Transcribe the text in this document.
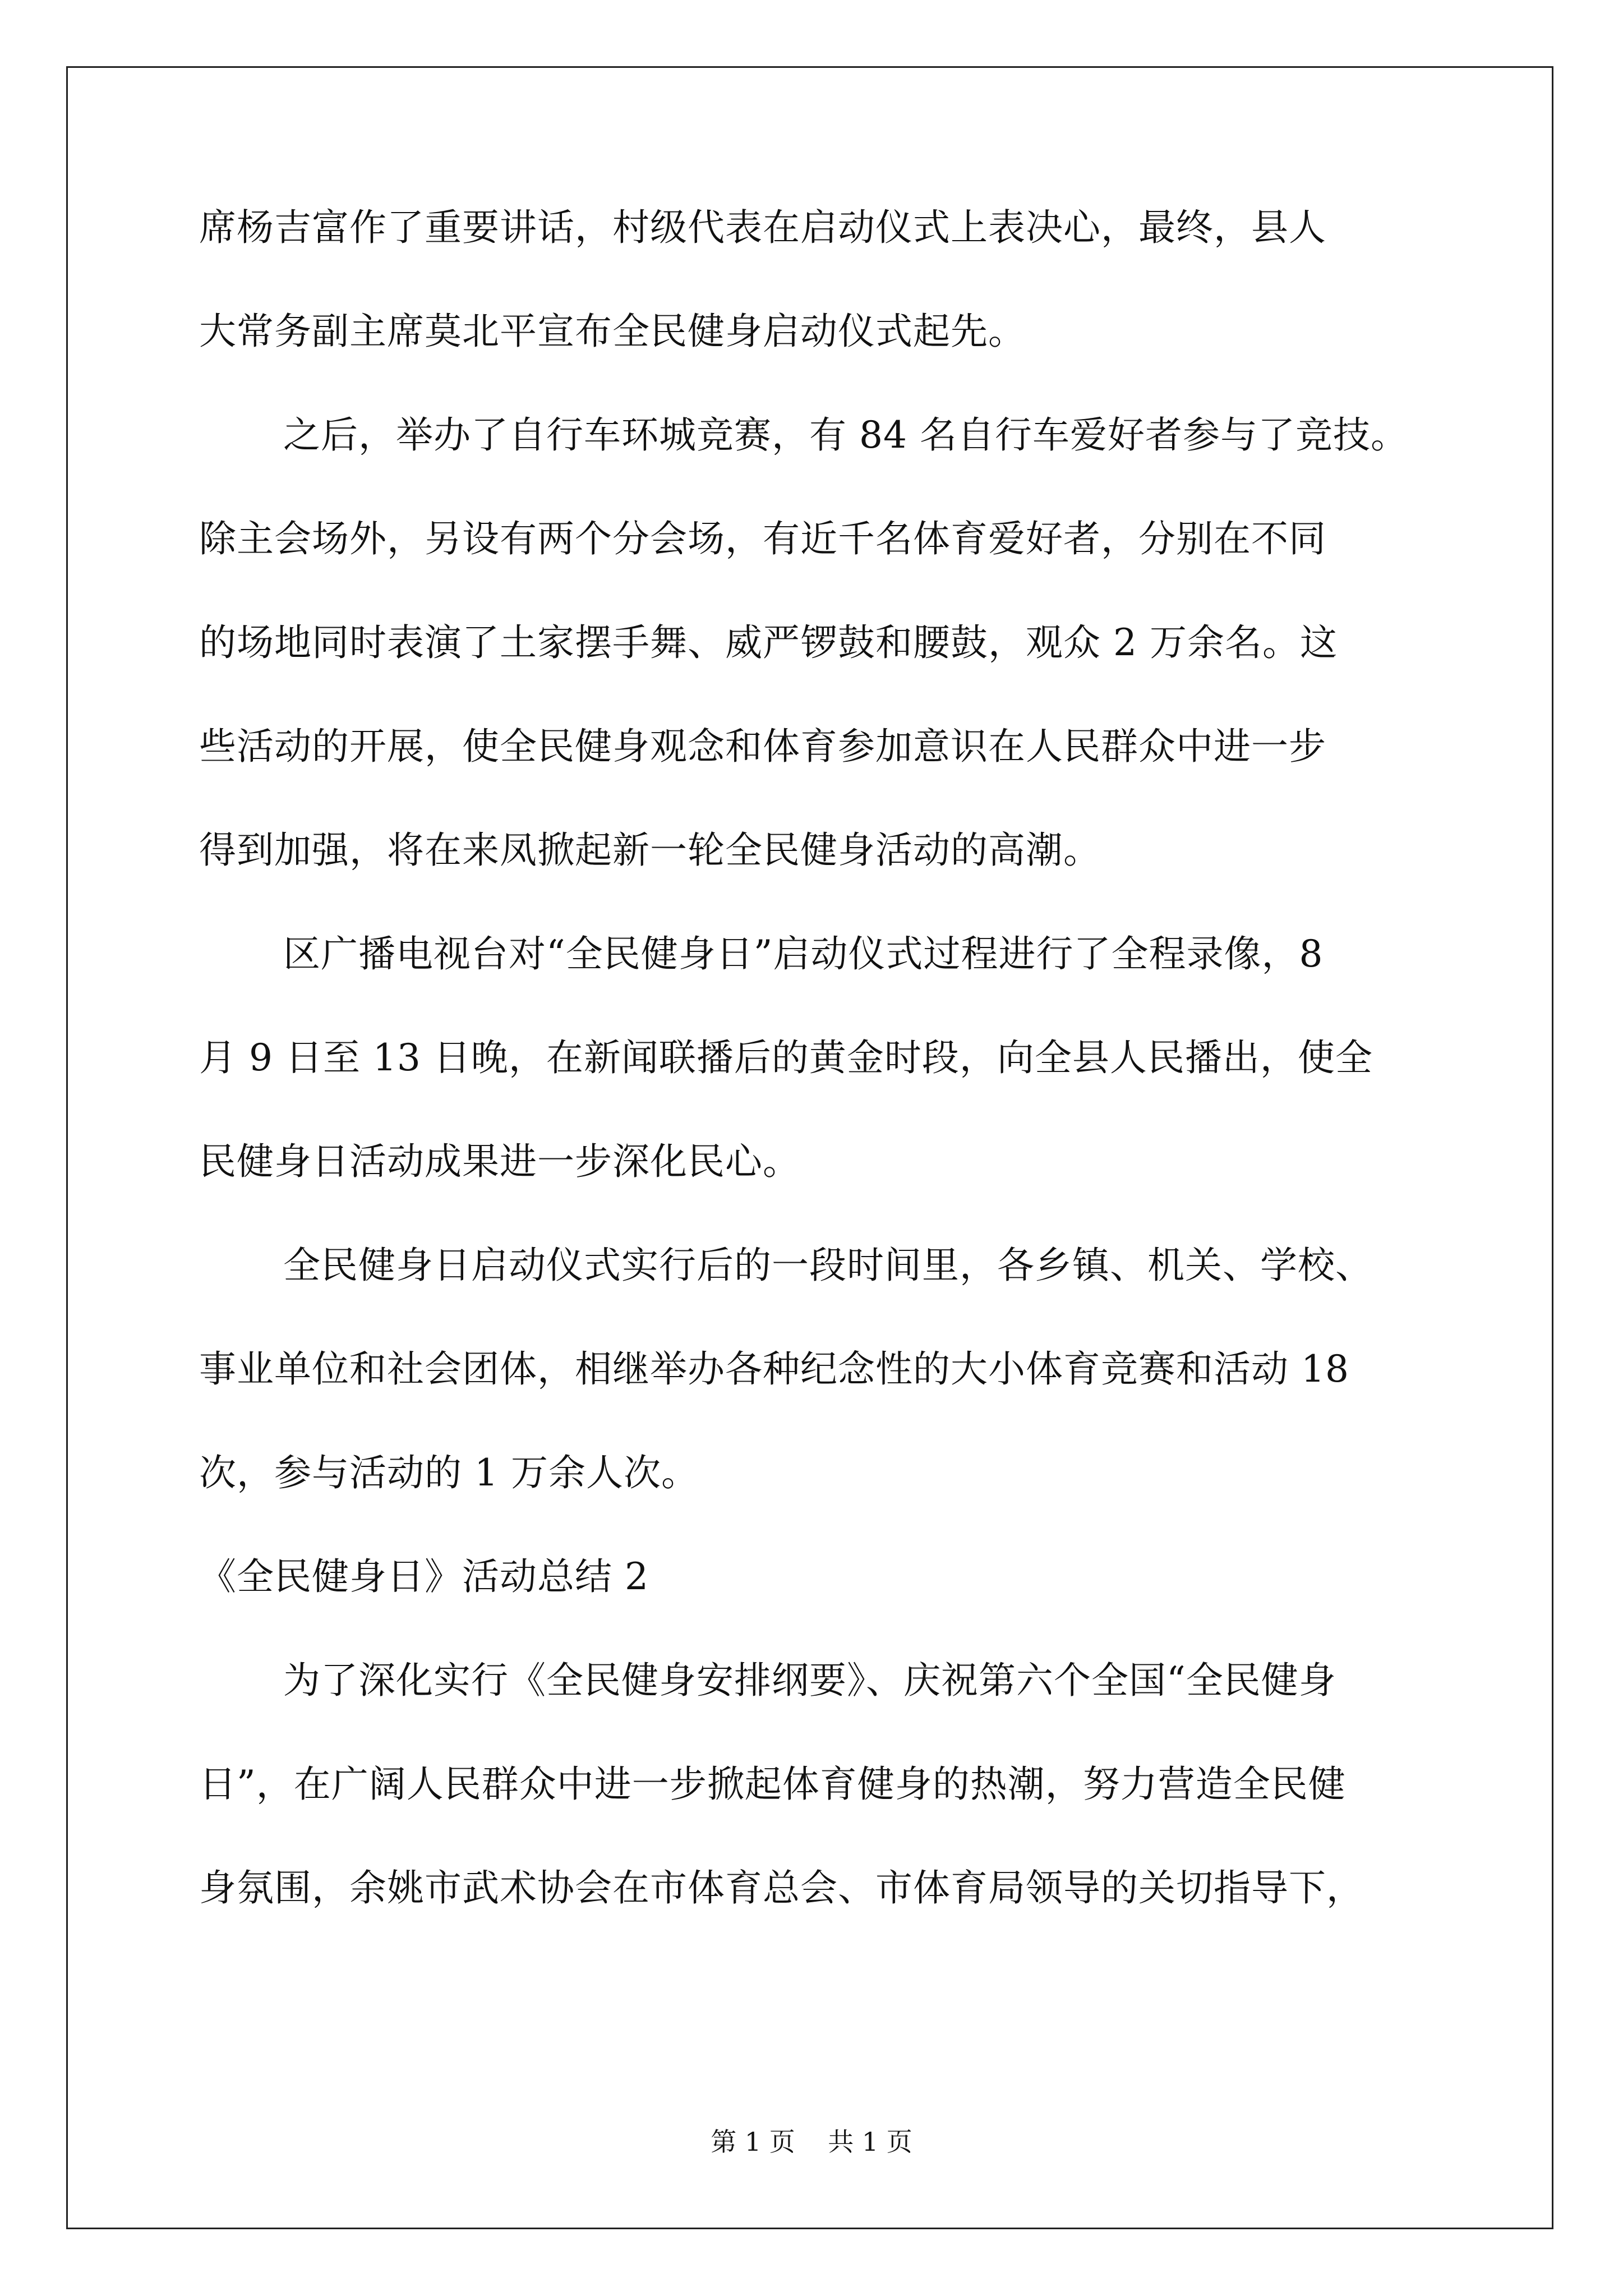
席杨吉富作了重要讲话，村级代表在启动仪式上表决心，最终，县人
大常务副主席莫北平宣布全民健身启动仪式起先。
之后，举办了自行车环城竞赛，有 84 名自行车爱好者参与了竞技。
除主会场外，另设有两个分会场，有近千名体育爱好者，分别在不同
的场地同时表演了土家摆手舞、威严锣鼓和腰鼓，观众 2 万余名。这
些活动的开展，使全民健身观念和体育参加意识在人民群众中进一步
得到加强，将在来凤掀起新一轮全民健身活动的高潮。
区广播电视台对“全民健身日”启动仪式过程进行了全程录像，8
月 9 日至 13 日晚，在新闻联播后的黄金时段，向全县人民播出，使全
民健身日活动成果进一步深化民心。
全民健身日启动仪式实行后的一段时间里，各乡镇、机关、学校、
事业单位和社会团体，相继举办各种纪念性的大小体育竞赛和活动 18
次，参与活动的 1 万余人次。
《全民健身日》活动总结 2
为了深化实行《全民健身安排纲要》、庆祝第六个全国“全民健身
日”，在广阔人民群众中进一步掀起体育健身的热潮，努力营造全民健
身氛围，余姚市武术协会在市体育总会、市体育局领导的关切指导下，
第 1 页    共 1 页
